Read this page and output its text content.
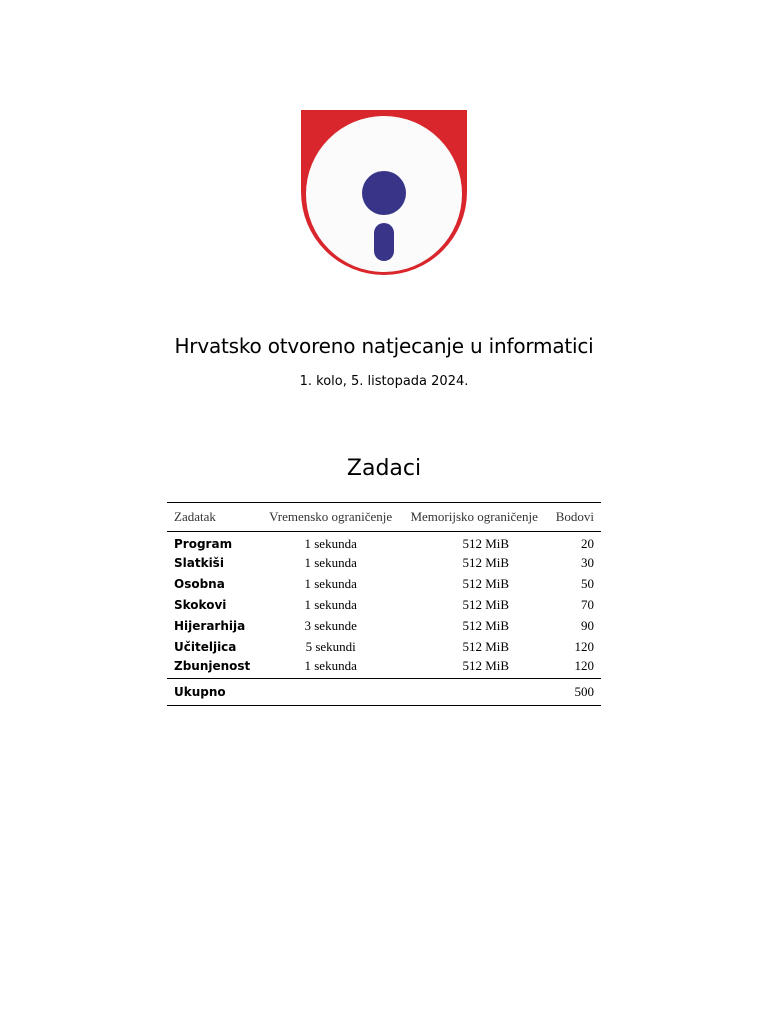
Hrvatsko otvoreno natjecanje u informatici
1. kolo, 5. listopada 2024.
Zadaci
Zadatak	Vremensko ograničenje	Memorijsko ograničenje	Bodovi
Program	1 sekunda	512 MiB	20
Slatkiši	1 sekunda	512 MiB	30
Osobna	1 sekunda	512 MiB	50
Skokovi	1 sekunda	512 MiB	70
Hijerarhija	3 sekunde	512 MiB	90
Učiteljica	5 sekundi	512 MiB	120
Zbunjenost	1 sekunda	512 MiB	120
Ukupno			500
